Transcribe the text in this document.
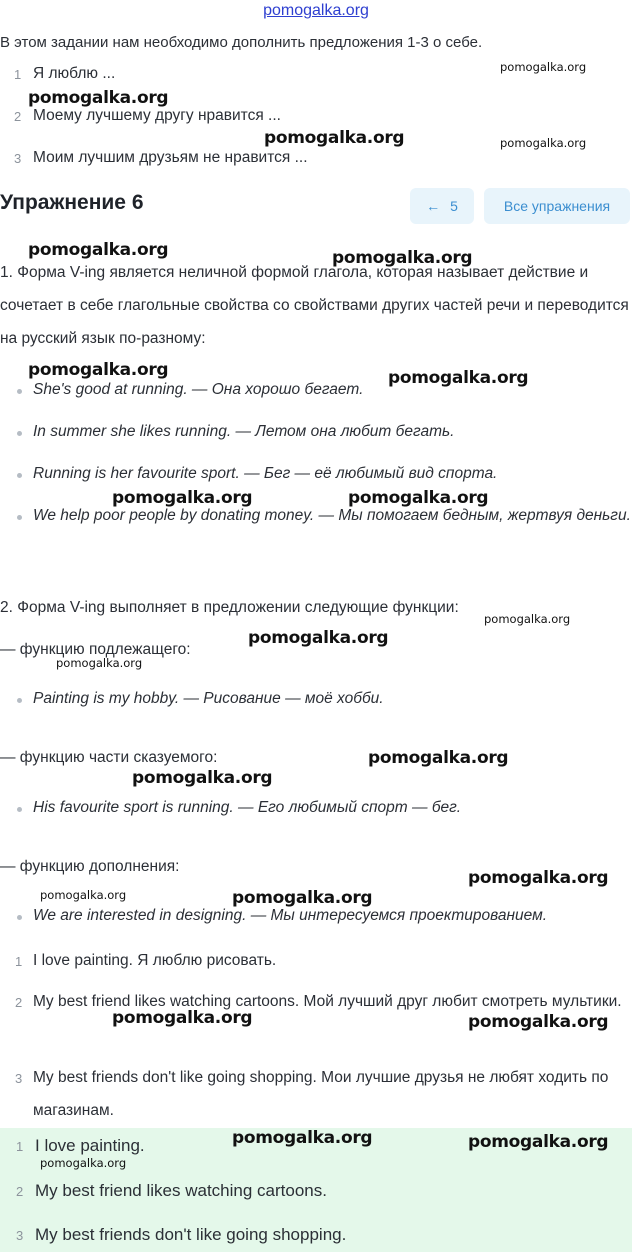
pomogalka.org
В этом задании нам необходимо дополнить предложения 1-3 о себе.
1 Я люблю ...
2 Моему лучшему другу нравится ...
3 Моим лучшим друзьям не нравится ...
Упражнение 6	← 5	Все упражнения
1. Форма V-ing является неличной формой глагола, которая называет действие и сочетает в себе глагольные свойства со свойствами других частей речи и переводится на русский язык по-разному:
She's good at running. — Она хорошо бегает.
In summer she likes running. — Летом она любит бегать.
Running is her favourite sport. — Бег — её любимый вид спорта.
We help poor people by donating money. — Мы помогаем бедным, жертвуя деньги.
2. Форма V-ing выполняет в предложении следующие функции:
— функцию подлежащего:
Painting is my hobby. — Рисование — моё хобби.
— функцию части сказуемого:
His favourite sport is running. — Его любимый спорт — бег.
— функцию дополнения:
We are interested in designing. — Мы интересуемся проектированием.
1 I love painting. Я люблю рисовать.
2 My best friend likes watching cartoons. Мой лучший друг любит смотреть мультики.
3 My best friends don't like going shopping. Мои лучшие друзья не любят ходить по магазинам.
1 I love painting.
2 My best friend likes watching cartoons.
3 My best friends don't like going shopping.
pomogalka.org
pomogalka.org
pomogalka.org	pomogalka.org
pomogalka.org	pomogalka.org
pomogalka.org	pomogalka.org
pomogalka.org	pomogalka.org
pomogalka.org
pomogalka.org
pomogalka.org
pomogalka.org
pomogalka.org
pomogalka.org
pomogalka.org	pomogalka.org
pomogalka.org	pomogalka.org
pomogalka.org	pomogalka.org
pomogalka.org
